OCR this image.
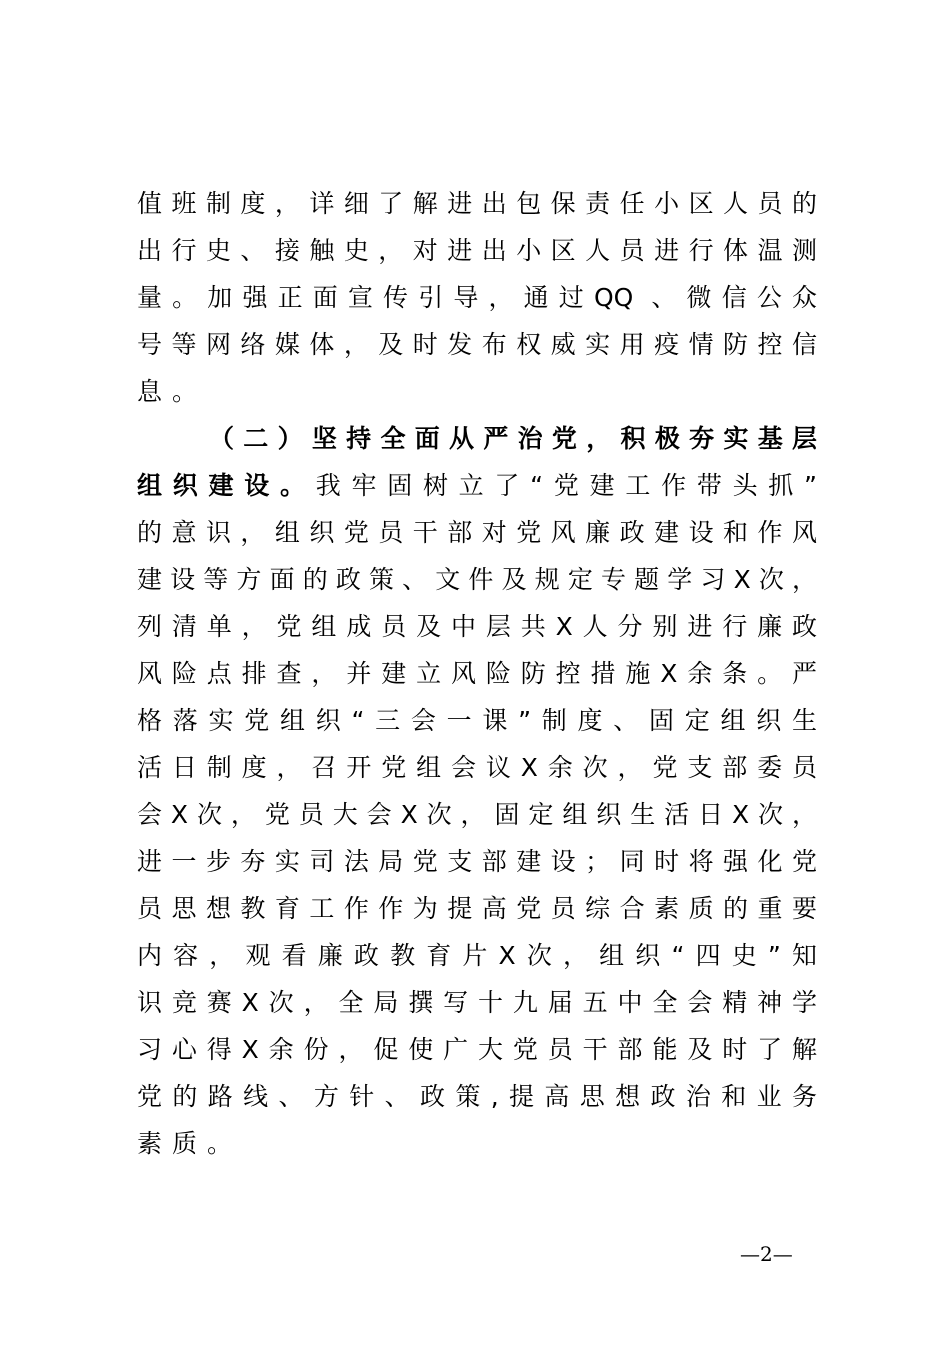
值班制度，详细了解进出包保责任小区人员的
出行史、接触史，对进出小区人员进行体温测
量。加强正面宣传引导，通过QQ 、微信公众
号等网络媒体，及时发布权威实用疫情防控信
息。
（二）坚持全面从严治党，积极夯实基层
组织建设。我牢固树立了“党建工作带头抓”
的意识，组织党员干部对党风廉政建设和作风
建设等方面的政策、文件及规定专题学习X次，
列清单，党组成员及中层共X人分别进行廉政
风险点排查，并建立风险防控措施X余条。严
格落实党组织“三会一课”制度、固定组织生
活日制度，召开党组会议X余次，党支部委员
会X次，党员大会X次，固定组织生活日X次，
进一步夯实司法局党支部建设；同时将强化党
员思想教育工作作为提高党员综合素质的重要
内容，观看廉政教育片X次，组织“四史”知
识竞赛X次，全局撰写十九届五中全会精神学
习心得X余份，促使广大党员干部能及时了解
党的路线、方针、政策,提高思想政治和业务
素质。
—2—
